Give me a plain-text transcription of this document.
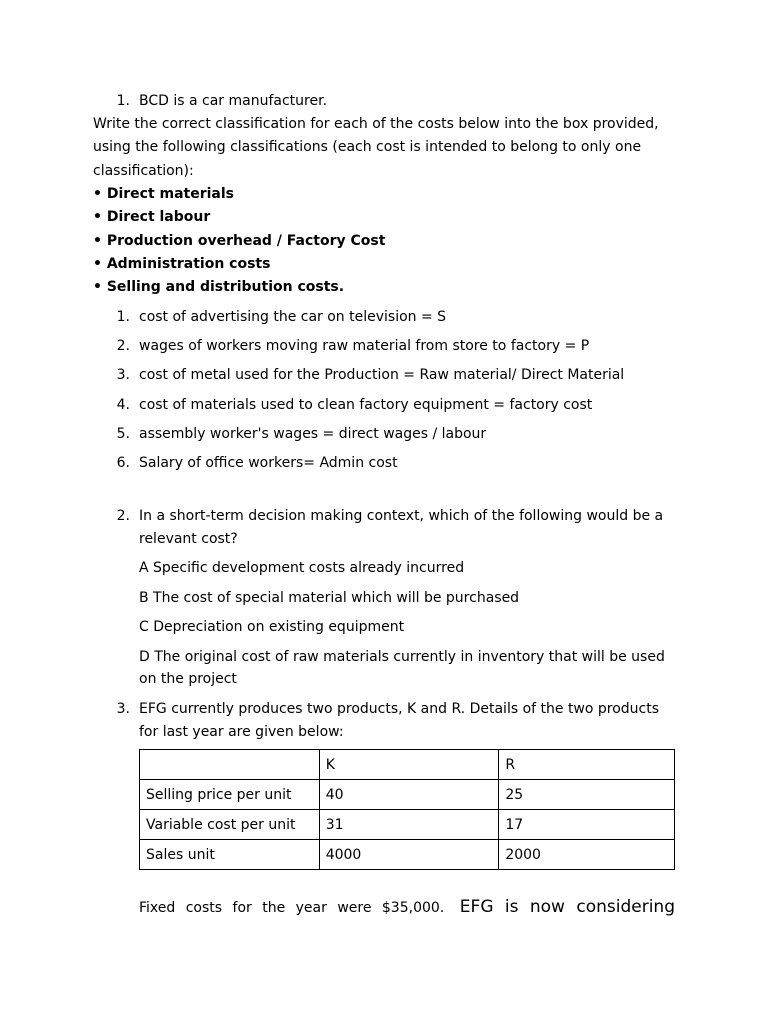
1. BCD is a car manufacturer.
Write the correct classification for each of the costs below into the box provided,
using the following classifications (each cost is intended to belong to only one
classification):
• Direct materials
• Direct labour
• Production overhead / Factory Cost
• Administration costs
• Selling and distribution costs.
1. cost of advertising the car on television = S
2. wages of workers moving raw material from store to factory = P
3. cost of metal used for the Production = Raw material/ Direct Material
4. cost of materials used to clean factory equipment = factory cost
5. assembly worker's wages = direct wages / labour
6. Salary of office workers= Admin cost
2. In a short-term decision making context, which of the following would be a
relevant cost?
A Specific development costs already incurred
B The cost of special material which will be purchased
C Depreciation on existing equipment
D The original cost of raw materials currently in inventory that will be used
on the project
3. EFG currently produces two products, K and R. Details of the two products
for last year are given below:
	K	R
Selling price per unit	40	25
Variable cost per unit	31	17
Sales unit	4000	2000
Fixed costs for the year were $35,000. EFG is now considering
